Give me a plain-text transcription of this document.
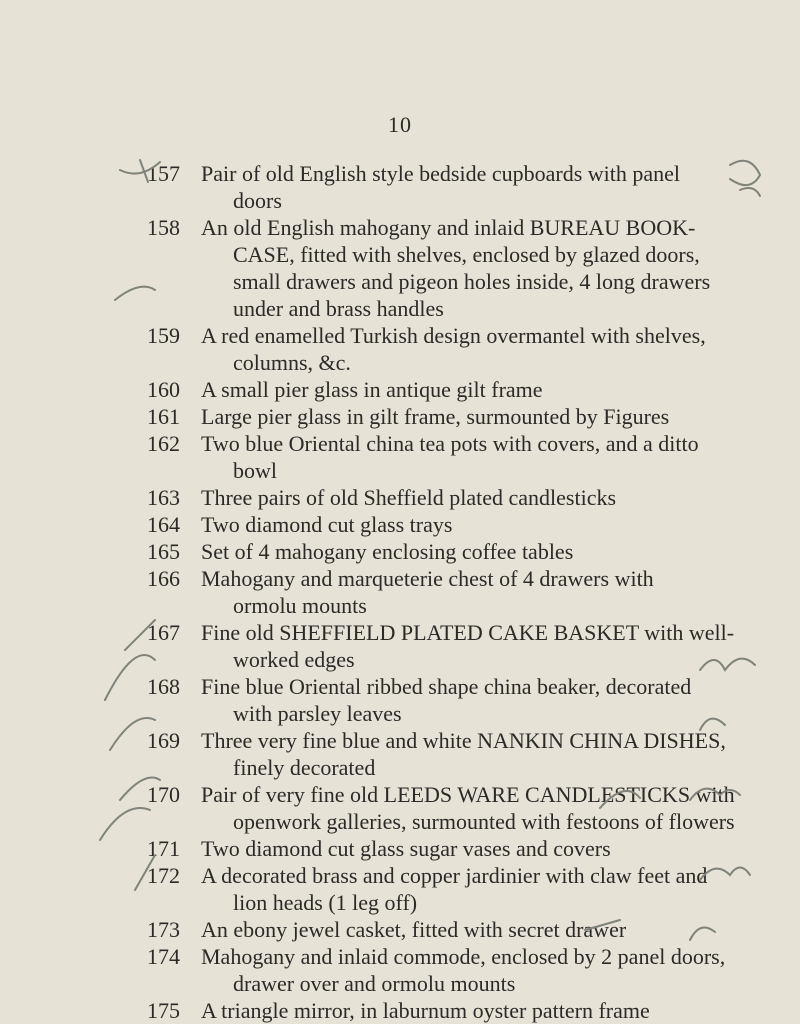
10
157 Pair of old English style bedside cupboards with panel
doors
158 An old English mahogany and inlaid BUREAU BOOK-
CASE, fitted with shelves, enclosed by glazed doors,
small drawers and pigeon holes inside, 4 long drawers
under and brass handles
159 A red enamelled Turkish design overmantel with shelves,
columns, &c.
160 A small pier glass in antique gilt frame
161 Large pier glass in gilt frame, surmounted by Figures
162 Two blue Oriental china tea pots with covers, and a ditto
bowl
163 Three pairs of old Sheffield plated candlesticks
164 Two diamond cut glass trays
165 Set of 4 mahogany enclosing coffee tables
166 Mahogany and marqueterie chest of 4 drawers with
ormolu mounts
167 Fine old SHEFFIELD PLATED CAKE BASKET with well-
worked edges
168 Fine blue Oriental ribbed shape china beaker, decorated
with parsley leaves
169 Three very fine blue and white NANKIN CHINA DISHES,
finely decorated
170 Pair of very fine old LEEDS WARE CANDLESTICKS with
openwork galleries, surmounted with festoons of flowers
171 Two diamond cut glass sugar vases and covers
172 A decorated brass and copper jardinier with claw feet and
lion heads (1 leg off)
173 An ebony jewel casket, fitted with secret drawer
174 Mahogany and inlaid commode, enclosed by 2 panel doors,
drawer over and ormolu mounts
175 A triangle mirror, in laburnum oyster pattern frame
